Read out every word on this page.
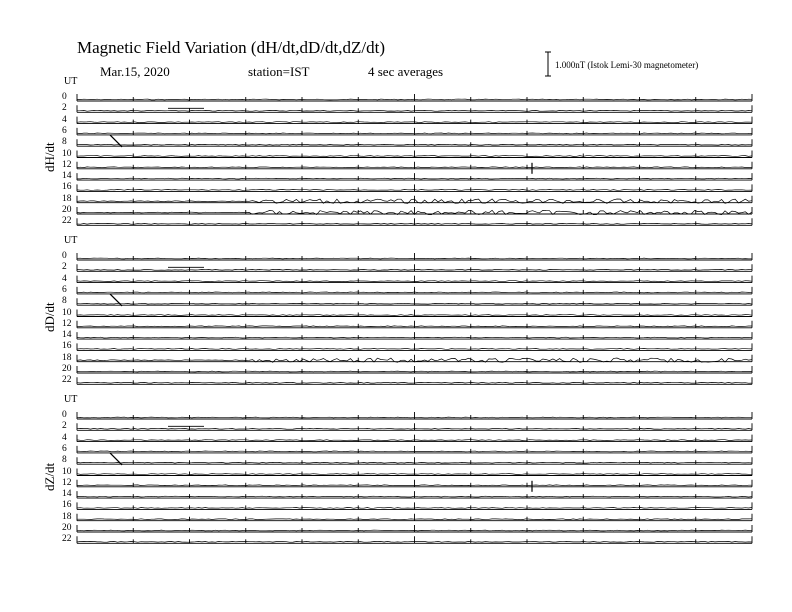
Magnetic Field Variation (dH/dt,dD/dt,dZ/dt)
Mar.15, 2020	station=IST	4 sec averages	1.000nT (Istok Lemi-30 magnetometer)
UT
dH/dt
0
2
4
6
8
10
12
14
16
18
20
22
UT
dD/dt
0
2
4
6
8
10
12
14
16
18
20
22
UT
dZ/dt
0
2
4
6
8
10
12
14
16
18
20
22
